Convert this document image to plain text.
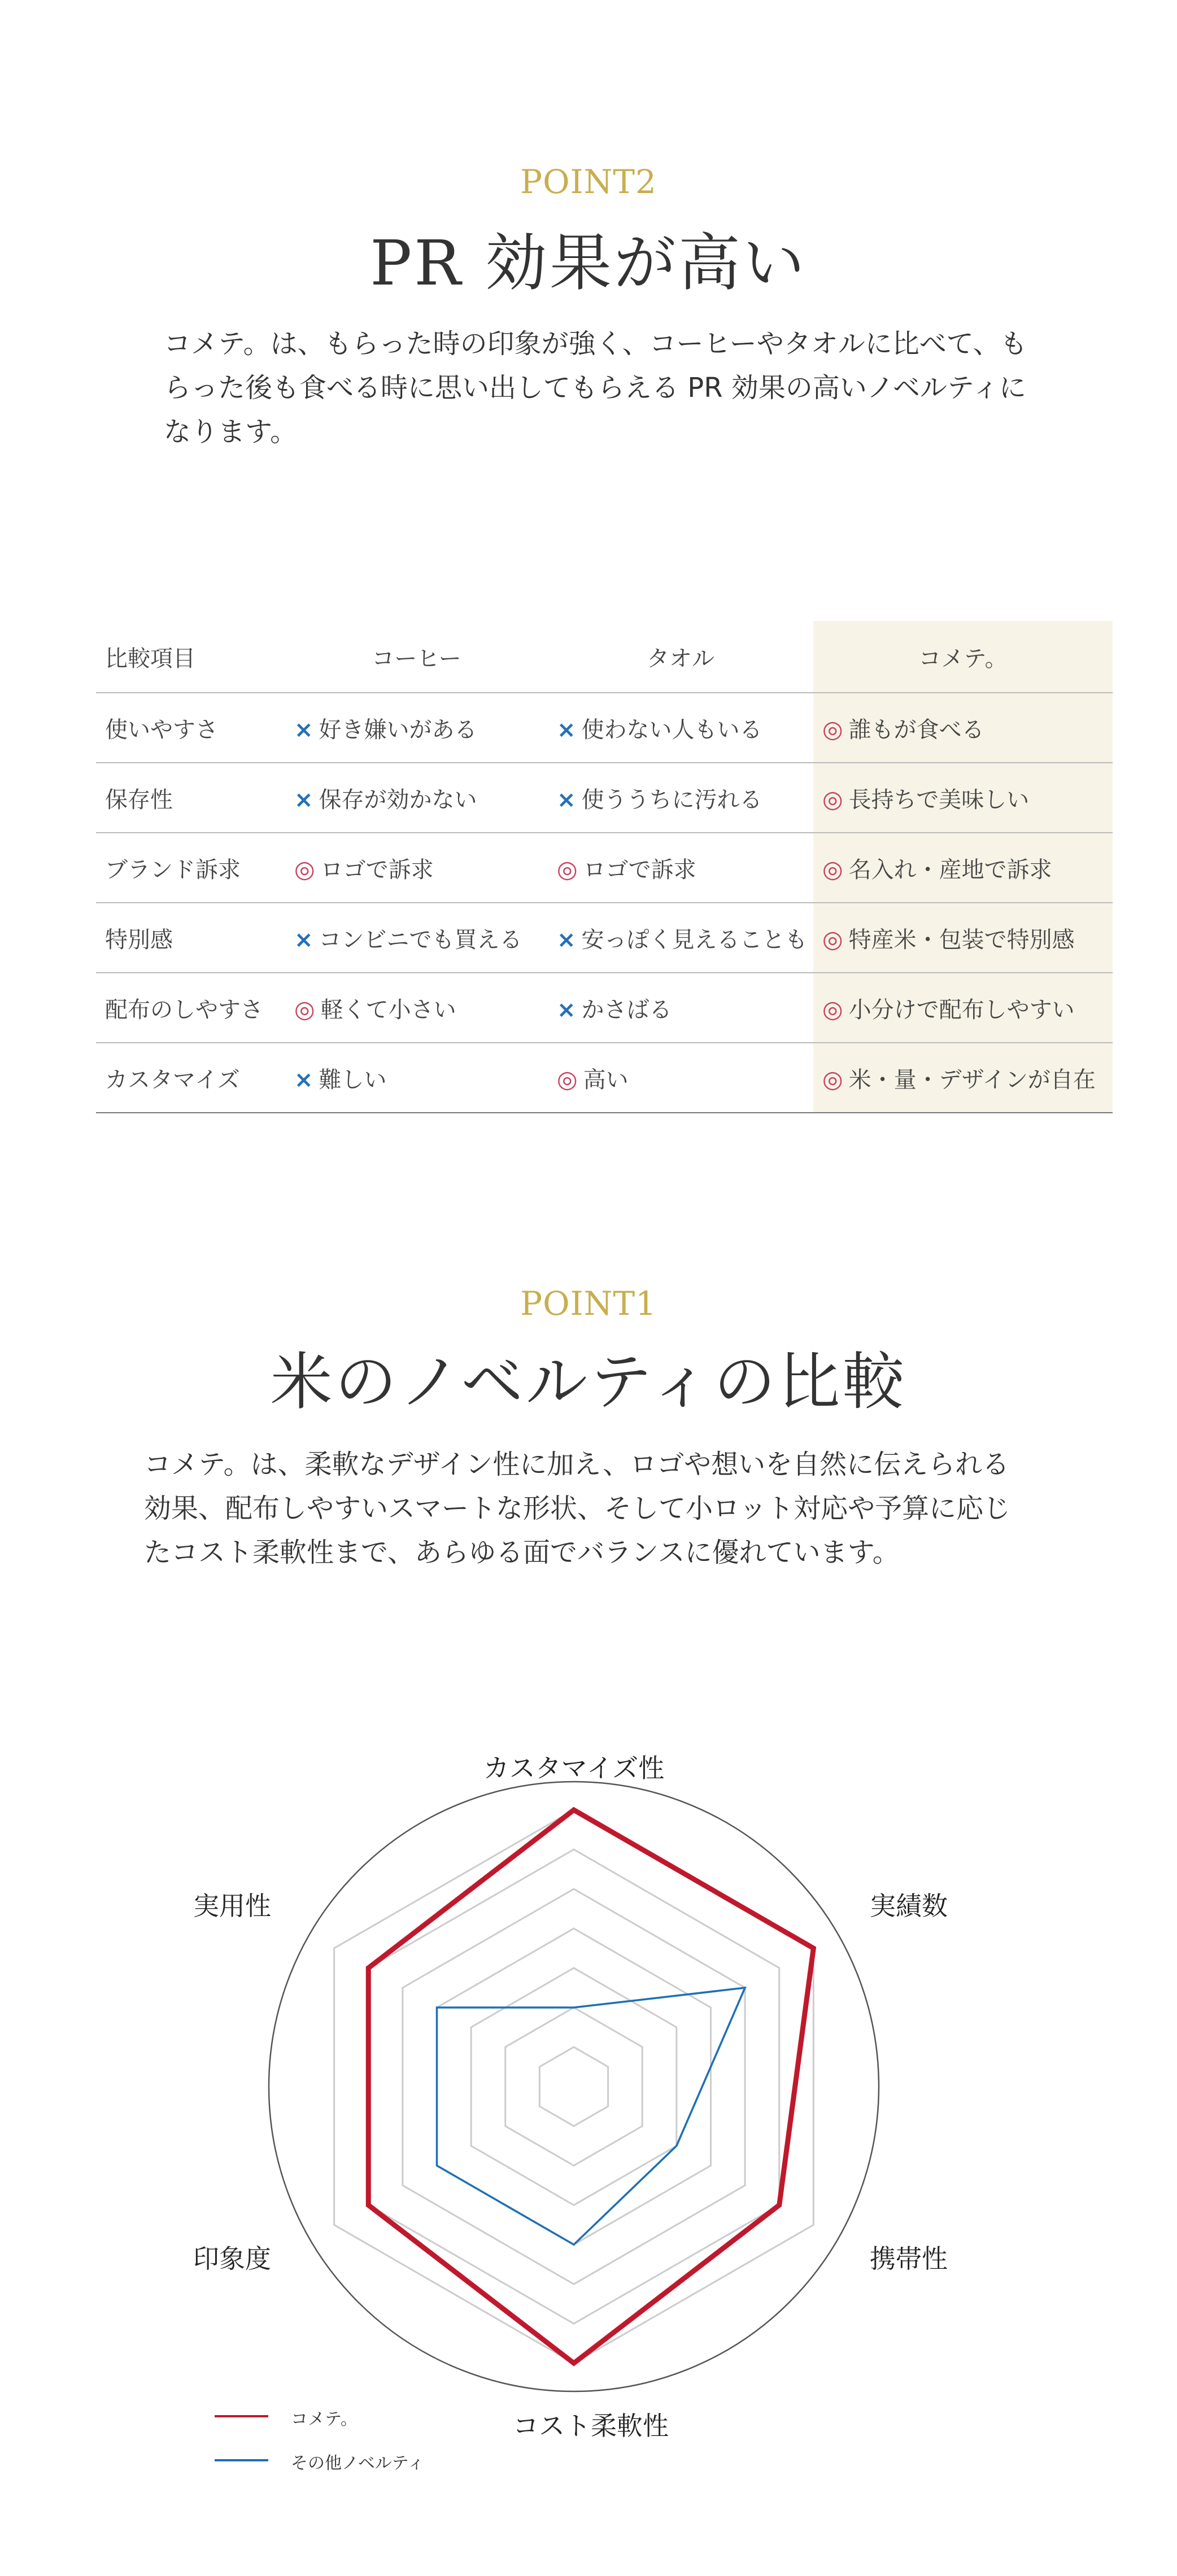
POINT2
PR 効果が高い
コメテ。は、もらった時の印象が強く、コーヒーやタオルに比べて、も
らった後も食べる時に思い出してもらえる PR 効果の高いノベルティに
なります。
比較項目	コーヒー	タオル	コメテ。
使いやすさ	× 好き嫌いがある	× 使わない人もいる	◎ 誰もが食べる
保存性	× 保存が効かない	× 使ううちに汚れる	◎ 長持ちで美味しい
ブランド訴求	◎ ロゴで訴求	◎ ロゴで訴求	◎ 名入れ・産地で訴求
特別感	× コンビニでも買える	× 安っぽく見えることも	◎ 特産米・包装で特別感
配布のしやすさ	◎ 軽くて小さい	× かさばる	◎ 小分けで配布しやすい
カスタマイズ	× 難しい	◎ 高い	◎ 米・量・デザインが自在
POINT1
米のノベルティの比較
コメテ。は、柔軟なデザイン性に加え、ロゴや想いを自然に伝えられる
効果、配布しやすいスマートな形状、そして小ロット対応や予算に応じ
たコスト柔軟性まで、あらゆる面でバランスに優れています。
カスタマイズ性
実績数
携帯性
コスト柔軟性
印象度
実用性
コメテ。
その他ノベルティ
